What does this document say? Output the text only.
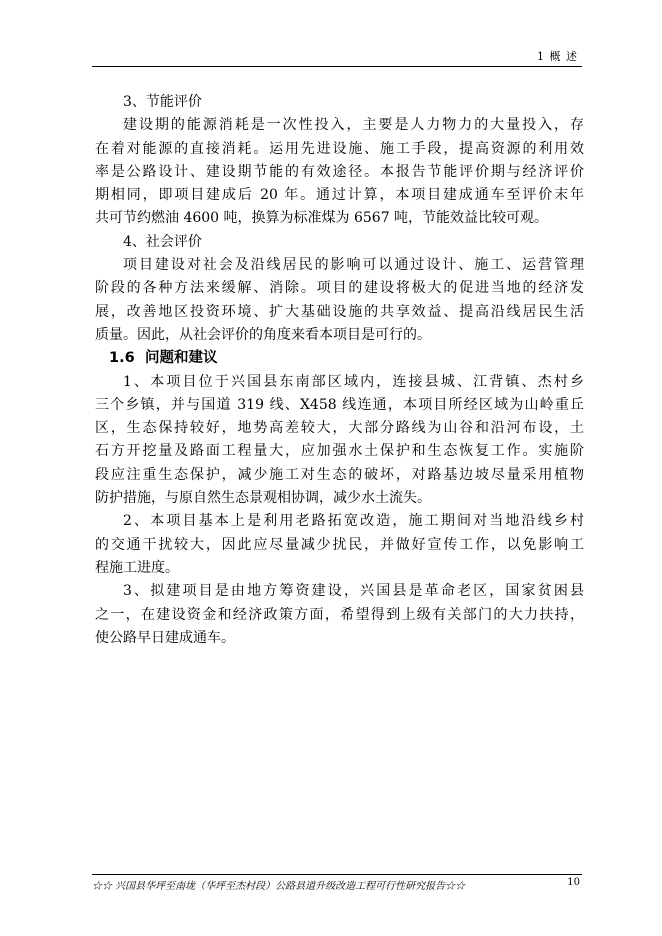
1 概 述

3、节能评价

建设期的能源消耗是一次性投入，主要是人力物力的大量投入，存

在着对能源的直接消耗。运用先进设施、施工手段，提高资源的利用效

率是公路设计、建设期节能的有效途径。本报告节能评价期与经济评价

期相同，即项目建成后 20 年。通过计算，本项目建成通车至评价末年

共可节约燃油 4600 吨，换算为标准煤为 6567 吨，节能效益比较可观。

4、社会评价

项目建设对社会及沿线居民的影响可以通过设计、施工、运营管理

阶段的各种方法来缓解、消除。项目的建设将极大的促进当地的经济发

展，改善地区投资环境、扩大基础设施的共享效益、提高沿线居民生活

质量。因此，从社会评价的角度来看本项目是可行的。

1.6 问题和建议

1、本项目位于兴国县东南部区域内，连接县城、江背镇、杰村乡

三个乡镇，并与国道 319 线、X458 线连通，本项目所经区域为山岭重丘

区，生态保持较好，地势高差较大，大部分路线为山谷和沿河布设，土

石方开挖量及路面工程量大，应加强水土保护和生态恢复工作。实施阶

段应注重生态保护，减少施工对生态的破坏，对路基边坡尽量采用植物

防护措施，与原自然生态景观相协调，减少水土流失。

2、本项目基本上是利用老路拓宽改造，施工期间对当地沿线乡村

的交通干扰较大，因此应尽量减少扰民，并做好宣传工作，以免影响工

程施工进度。

3、拟建项目是由地方筹资建设，兴国县是革命老区，国家贫困县

之一，在建设资金和经济政策方面，希望得到上级有关部门的大力扶持，

使公路早日建成通车。

☆☆ 兴国县华坪至南垅（华坪至杰村段）公路县道升级改造工程可行性研究报告☆☆	10
